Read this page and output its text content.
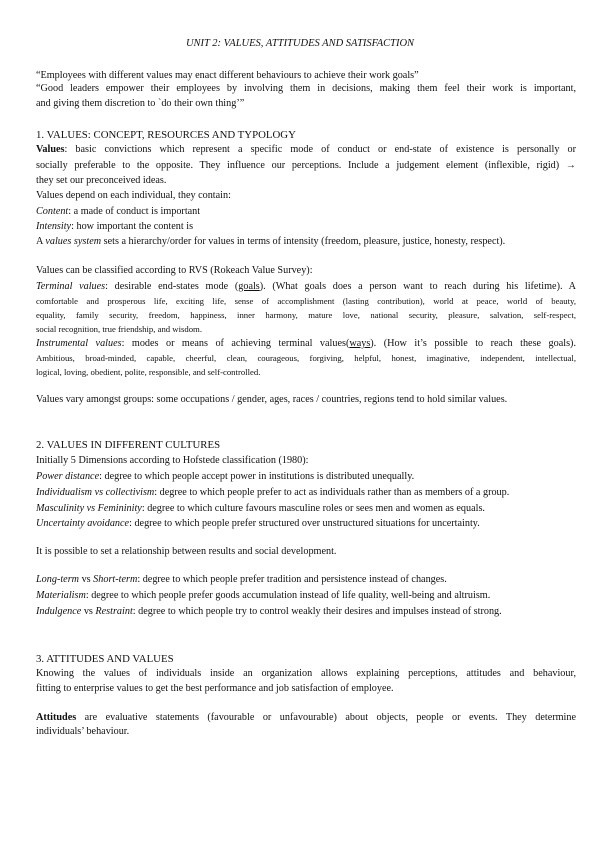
UNIT 2: VALUES, ATTITUDES AND SATISFACTION
“Employees with different values may enact different behaviours to achieve their work goals”
“Good leaders empower their employees by involving them in decisions, making them feel their work is important,
and giving them discretion to `do their own thing’”
1. VALUES: CONCEPT, RESOURCES AND TYPOLOGY
Values: basic convictions which represent a specific mode of conduct or end-state of existence is personally or
socially preferable to the opposite. They influence our perceptions. Include a judgement element (inflexible, rigid) →
they set our preconceived ideas.
Values depend on each individual, they contain:
Content: a made of conduct is important
Intensity: how important the content is
A values system sets a hierarchy/order for values in terms of intensity (freedom, pleasure, justice, honesty, respect).
Values can be classified according to RVS (Rokeach Value Survey):
Terminal values: desirable end-states mode (goals). (What goals does a person want to reach during his lifetime). A
comfortable and prosperous life, exciting life, sense of accomplishment (lasting contribution), world at peace, world of beauty,
equality, family security, freedom, happiness, inner harmony, mature love, national security, pleasure, salvation, self-respect,
social recognition, true friendship, and wisdom.
Instrumental values: modes or means of achieving terminal values(ways). (How it’s possible to reach these goals).
Ambitious, broad-minded, capable, cheerful, clean, courageous, forgiving, helpful, honest, imaginative, independent, intellectual,
logical, loving, obedient, polite, responsible, and self-controlled.
Values vary amongst groups: some occupations / gender, ages, races / countries, regions tend to hold similar values.
2. VALUES IN DIFFERENT CULTURES
Initially 5 Dimensions according to Hofstede classification (1980):
Power distance: degree to which people accept power in institutions is distributed unequally.
Individualism vs collectivism: degree to which people prefer to act as individuals rather than as members of a group.
Masculinity vs Femininity: degree to which culture favours masculine roles or sees men and women as equals.
Uncertainty avoidance: degree to which people prefer structured over unstructured situations for uncertainty.
It is possible to set a relationship between results and social development.
Long-term vs Short-term: degree to which people prefer tradition and persistence instead of changes.
Materialism: degree to which people prefer goods accumulation instead of life quality, well-being and altruism.
Indulgence vs Restraint: degree to which people try to control weakly their desires and impulses instead of strong.
3. ATTITUDES AND VALUES
Knowing the values of individuals inside an organization allows explaining perceptions, attitudes and behaviour,
fitting to enterprise values to get the best performance and job satisfaction of employee.
Attitudes are evaluative statements (favourable or unfavourable) about objects, people or events. They determine
individuals’ behaviour.
